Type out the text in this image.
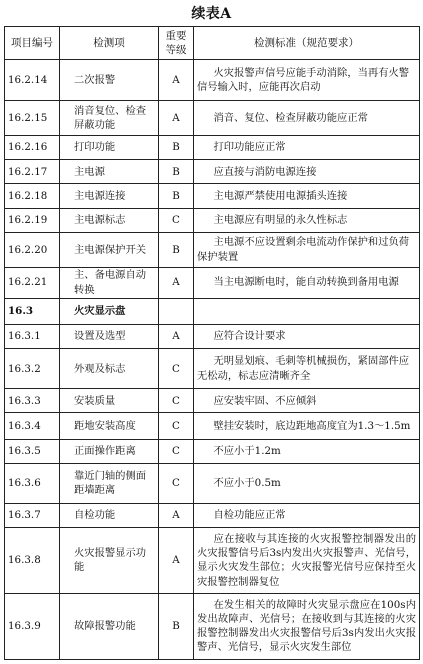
续表A
项目编号	检测项	重要等级	检测标准（规范要求）
16.2.14	二次报警	A	火灾报警声信号应能手动消除，当再有火警信号输入时，应能再次启动
16.2.15	消音复位、检查屏蔽功能	A	消音、复位、检查屏蔽功能应正常
16.2.16	打印功能	B	打印功能应正常
16.2.17	主电源	B	应直接与消防电源连接
16.2.18	主电源连接	B	主电源严禁使用电源插头连接
16.2.19	主电源标志	C	主电源应有明显的永久性标志
16.2.20	主电源保护开关	B	主电源不应设置剩余电流动作保护和过负荷保护装置
16.2.21	主、备电源自动转换	A	当主电源断电时，能自动转换到备用电源
16.3	火灾显示盘		
16.3.1	设置及选型	A	应符合设计要求
16.3.2	外观及标志	C	无明显划痕、毛刺等机械损伤，紧固部件应无松动，标志应清晰齐全
16.3.3	安装质量	C	应安装牢固、不应倾斜
16.3.4	距地安装高度	C	壁挂安装时，底边距地高度宜为1.3～1.5m
16.3.5	正面操作距离	C	不应小于1.2m
16.3.6	靠近门轴的侧面距墙距离	C	不应小于0.5m
16.3.7	自检功能	A	自检功能应正常
16.3.8	火灾报警显示功能	A	应在接收与其连接的火灾报警控制器发出的火灾报警信号后3s内发出火灾报警声、光信号，显示火灾发生部位；火灾报警光信号应保持至火灾报警控制器复位
16.3.9	故障报警功能	B	在发生相关的故障时火灾显示盘应在100s内发出故障声、光信号；在接收到与其连接的火灾报警控制器发出火灾报警信号后3s内发出火灾报警声、光信号，显示火灾发生部位
